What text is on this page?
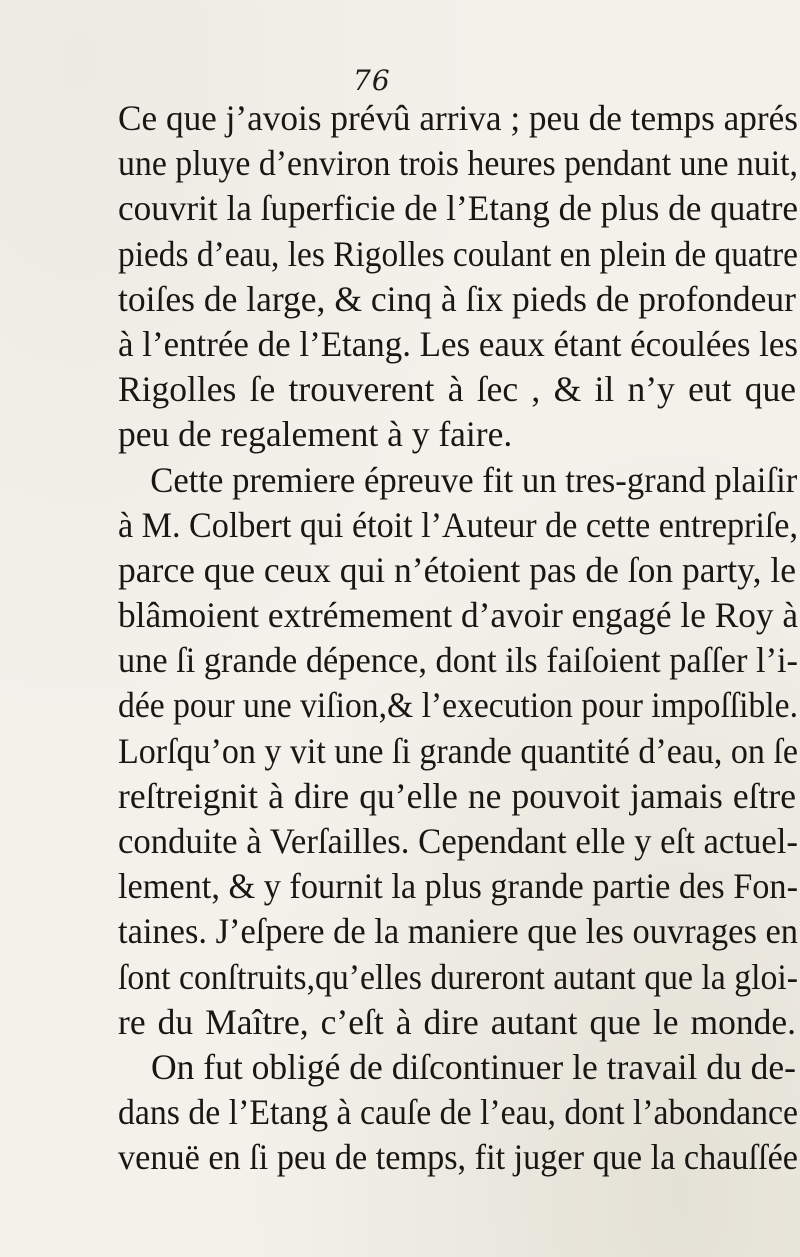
76
Ce que j’avois prévû arriva ; peu de temps aprés
une pluye d’environ trois heures pendant une nuit,
couvrit la ſuperficie de l’Etang de plus de quatre
pieds d’eau, les Rigolles coulant en plein de quatre
toiſes de large, & cinq à ſix pieds de profondeur
à l’entrée de l’Etang. Les eaux étant écoulées les
Rigolles ſe trouverent à ſec , & il n’y eut que
peu de regalement à y faire.
Cette premiere épreuve fit un tres-grand plaiſir
à M. Colbert qui étoit l’Auteur de cette entrepriſe,
parce que ceux qui n’étoient pas de ſon party, le
blâmoient extrémement d’avoir engagé le Roy à
une ſi grande dépence, dont ils faiſoient paſſer l’i-
dée pour une viſion,& l’execution pour impoſſible.
Lorſqu’on y vit une ſi grande quantité d’eau, on ſe
reſtreignit à dire qu’elle ne pouvoit jamais eſtre
conduite à Verſailles. Cependant elle y eſt actuel-
lement, & y fournit la plus grande partie des Fon-
taines. J’eſpere de la maniere que les ouvrages en
ſont conſtruits,qu’elles dureront autant que la gloi-
re du Maître, c’eſt à dire autant que le monde.
On fut obligé de diſcontinuer le travail du de-
dans de l’Etang à cauſe de l’eau, dont l’abondance
venuë en ſi peu de temps, fit juger que la chauſſée
